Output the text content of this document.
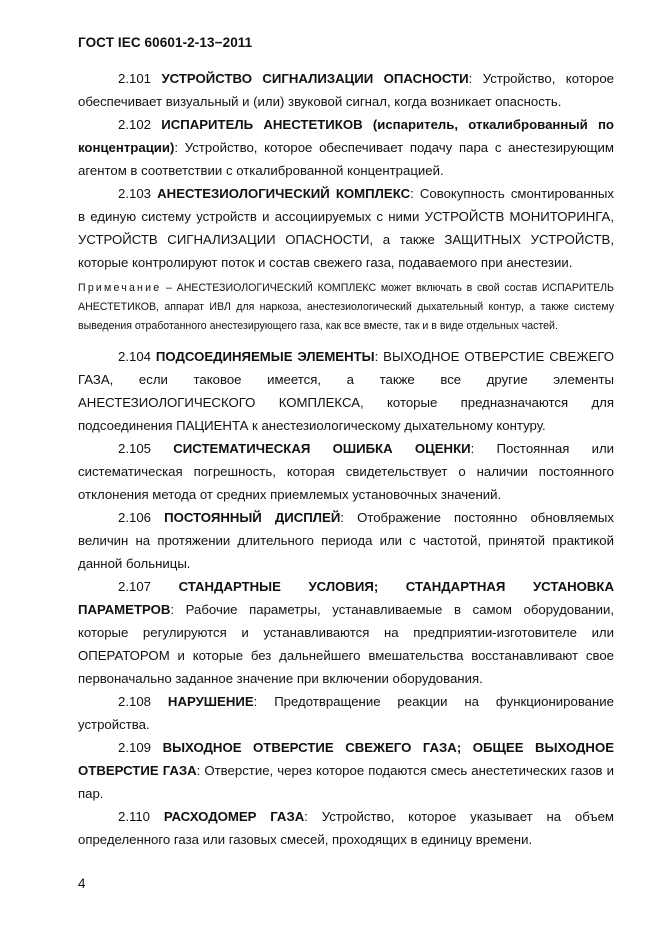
ГОСТ IEC 60601-2-13−2011

2.101 УСТРОЙСТВО СИГНАЛИЗАЦИИ ОПАСНОСТИ: Устройство, которое обеспечивает визуальный и (или) звуковой сигнал, когда возникает опасность.

2.102 ИСПАРИТЕЛЬ АНЕСТЕТИКОВ (испаритель, откалиброванный по концентрации): Устройство, которое обеспечивает подачу пара с анестезирующим агентом в соответствии с откалиброванной концентрацией.

2.103 АНЕСТЕЗИОЛОГИЧЕСКИЙ КОМПЛЕКС: Совокупность смонтированных в единую систему устройств и ассоциируемых с ними УСТРОЙСТВ МОНИТОРИНГА, УСТРОЙСТВ СИГНАЛИЗАЦИИ ОПАСНОСТИ, а также ЗАЩИТНЫХ УСТРОЙСТВ, которые контролируют поток и состав свежего газа, подаваемого при анестезии.

Примечание – АНЕСТЕЗИОЛОГИЧЕСКИЙ КОМПЛЕКС может включать в свой состав ИСПАРИТЕЛЬ АНЕСТЕТИКОВ, аппарат ИВЛ для наркоза, анестезиологический дыхательный контур, а также систему выведения отработанного анестезирующего газа, как все вместе, так и в виде отдельных частей.

2.104 ПОДСОЕДИНЯЕМЫЕ ЭЛЕМЕНТЫ: ВЫХОДНОЕ ОТВЕРСТИЕ СВЕЖЕГО ГАЗА, если таковое имеется, а также все другие элементы АНЕСТЕЗИОЛОГИЧЕСКОГО КОМПЛЕКСА, которые предназначаются для подсоединения ПАЦИЕНТА к анестезиологическому дыхательному контуру.

2.105 СИСТЕМАТИЧЕСКАЯ ОШИБКА ОЦЕНКИ: Постоянная или систематическая погрешность, которая свидетельствует о наличии постоянного отклонения метода от средних приемлемых установочных значений.

2.106 ПОСТОЯННЫЙ ДИСПЛЕЙ: Отображение постоянно обновляемых величин на протяжении длительного периода или с частотой, принятой практикой данной больницы.

2.107 СТАНДАРТНЫЕ УСЛОВИЯ; СТАНДАРТНАЯ УСТАНОВКА ПАРАМЕТРОВ: Рабочие параметры, устанавливаемые в самом оборудовании, которые регулируются и устанавливаются на предприятии-изготовителе или ОПЕРАТОРОМ и которые без дальнейшего вмешательства восстанавливают свое первоначально заданное значение при включении оборудования.

2.108 НАРУШЕНИЕ: Предотвращение реакции на функционирование устройства.

2.109 ВЫХОДНОЕ ОТВЕРСТИЕ СВЕЖЕГО ГАЗА; ОБЩЕЕ ВЫХОДНОЕ ОТВЕРСТИЕ ГАЗА: Отверстие, через которое подаются смесь анестетических газов и пар.

2.110 РАСХОДОМЕР ГАЗА: Устройство, которое указывает на объем определенного газа или газовых смесей, проходящих в единицу времени.

4
